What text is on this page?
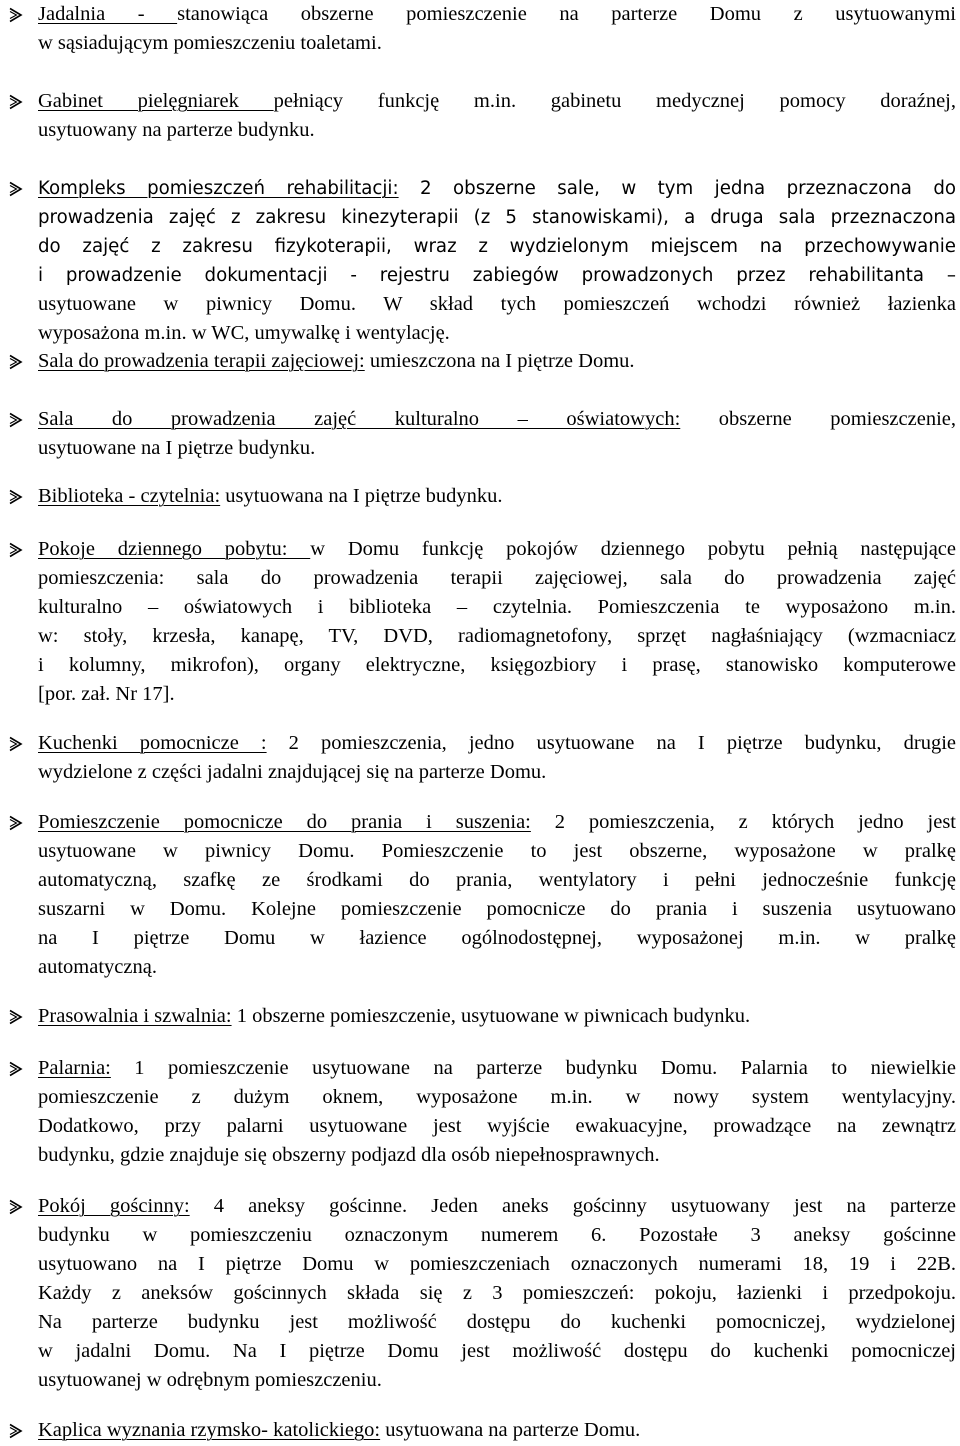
Jadalnia - stanowiąca obszerne pomieszczenie na parterze Domu z usytuowanymi
w sąsiadującym pomieszczeniu toaletami.
Gabinet pielęgniarek pełniący funkcję m.in. gabinetu medycznej pomocy doraźnej,
usytuowany na parterze budynku.
Kompleks pomieszczeń rehabilitacji: 2 obszerne sale, w tym jedna przeznaczona do
prowadzenia zajęć z zakresu kinezyterapii (z 5 stanowiskami), a druga sala przeznaczona
do zajęć z zakresu fizykoterapii, wraz z wydzielonym miejscem na przechowywanie
i prowadzenie dokumentacji - rejestru zabiegów prowadzonych przez rehabilitanta –
usytuowane w piwnicy Domu. W skład tych pomieszczeń wchodzi również łazienka
wyposażona m.in. w WC, umywalkę i wentylację.
Sala do prowadzenia terapii zajęciowej: umieszczona na I piętrze Domu.
Sala do prowadzenia zajęć kulturalno – oświatowych: obszerne pomieszczenie,
usytuowane na I piętrze budynku.
Biblioteka - czytelnia: usytuowana na I piętrze budynku.
Pokoje dziennego pobytu: w Domu funkcję pokojów dziennego pobytu pełnią następujące
pomieszczenia: sala do prowadzenia terapii zajęciowej, sala do prowadzenia zajęć
kulturalno – oświatowych i biblioteka – czytelnia. Pomieszczenia te wyposażono m.in.
w: stoły, krzesła, kanapę, TV, DVD, radiomagnetofony, sprzęt nagłaśniający (wzmacniacz
i kolumny, mikrofon), organy elektryczne, księgozbiory i prasę, stanowisko komputerowe
[por. zał. Nr 17].
Kuchenki pomocnicze : 2 pomieszczenia, jedno usytuowane na I piętrze budynku, drugie
wydzielone z części jadalni znajdującej się na parterze Domu.
Pomieszczenie pomocnicze do prania i suszenia: 2 pomieszczenia, z których jedno jest
usytuowane w piwnicy Domu. Pomieszczenie to jest obszerne, wyposażone w pralkę
automatyczną, szafkę ze środkami do prania, wentylatory i pełni jednocześnie funkcję
suszarni w Domu. Kolejne pomieszczenie pomocnicze do prania i suszenia usytuowano
na I piętrze Domu w łazience ogólnodostępnej, wyposażonej m.in. w pralkę
automatyczną.
Prasowalnia i szwalnia: 1 obszerne pomieszczenie, usytuowane w piwnicach budynku.
Palarnia: 1 pomieszczenie usytuowane na parterze budynku Domu. Palarnia to niewielkie
pomieszczenie z dużym oknem, wyposażone m.in. w nowy system wentylacyjny.
Dodatkowo, przy palarni usytuowane jest wyjście ewakuacyjne, prowadzące na zewnątrz
budynku, gdzie znajduje się obszerny podjazd dla osób niepełnosprawnych.
Pokój gościnny: 4 aneksy gościnne. Jeden aneks gościnny usytuowany jest na parterze
budynku w pomieszczeniu oznaczonym numerem 6. Pozostałe 3 aneksy gościnne
usytuowano na I piętrze Domu w pomieszczeniach oznaczonych numerami 18, 19 i 22B.
Każdy z aneksów gościnnych składa się z 3 pomieszczeń: pokoju, łazienki i przedpokoju.
Na parterze budynku jest możliwość dostępu do kuchenki pomocniczej, wydzielonej
w jadalni Domu. Na I piętrze Domu jest możliwość dostępu do kuchenki pomocniczej
usytuowanej w odrębnym pomieszczeniu.
Kaplica wyznania rzymsko- katolickiego: usytuowana na parterze Domu.
